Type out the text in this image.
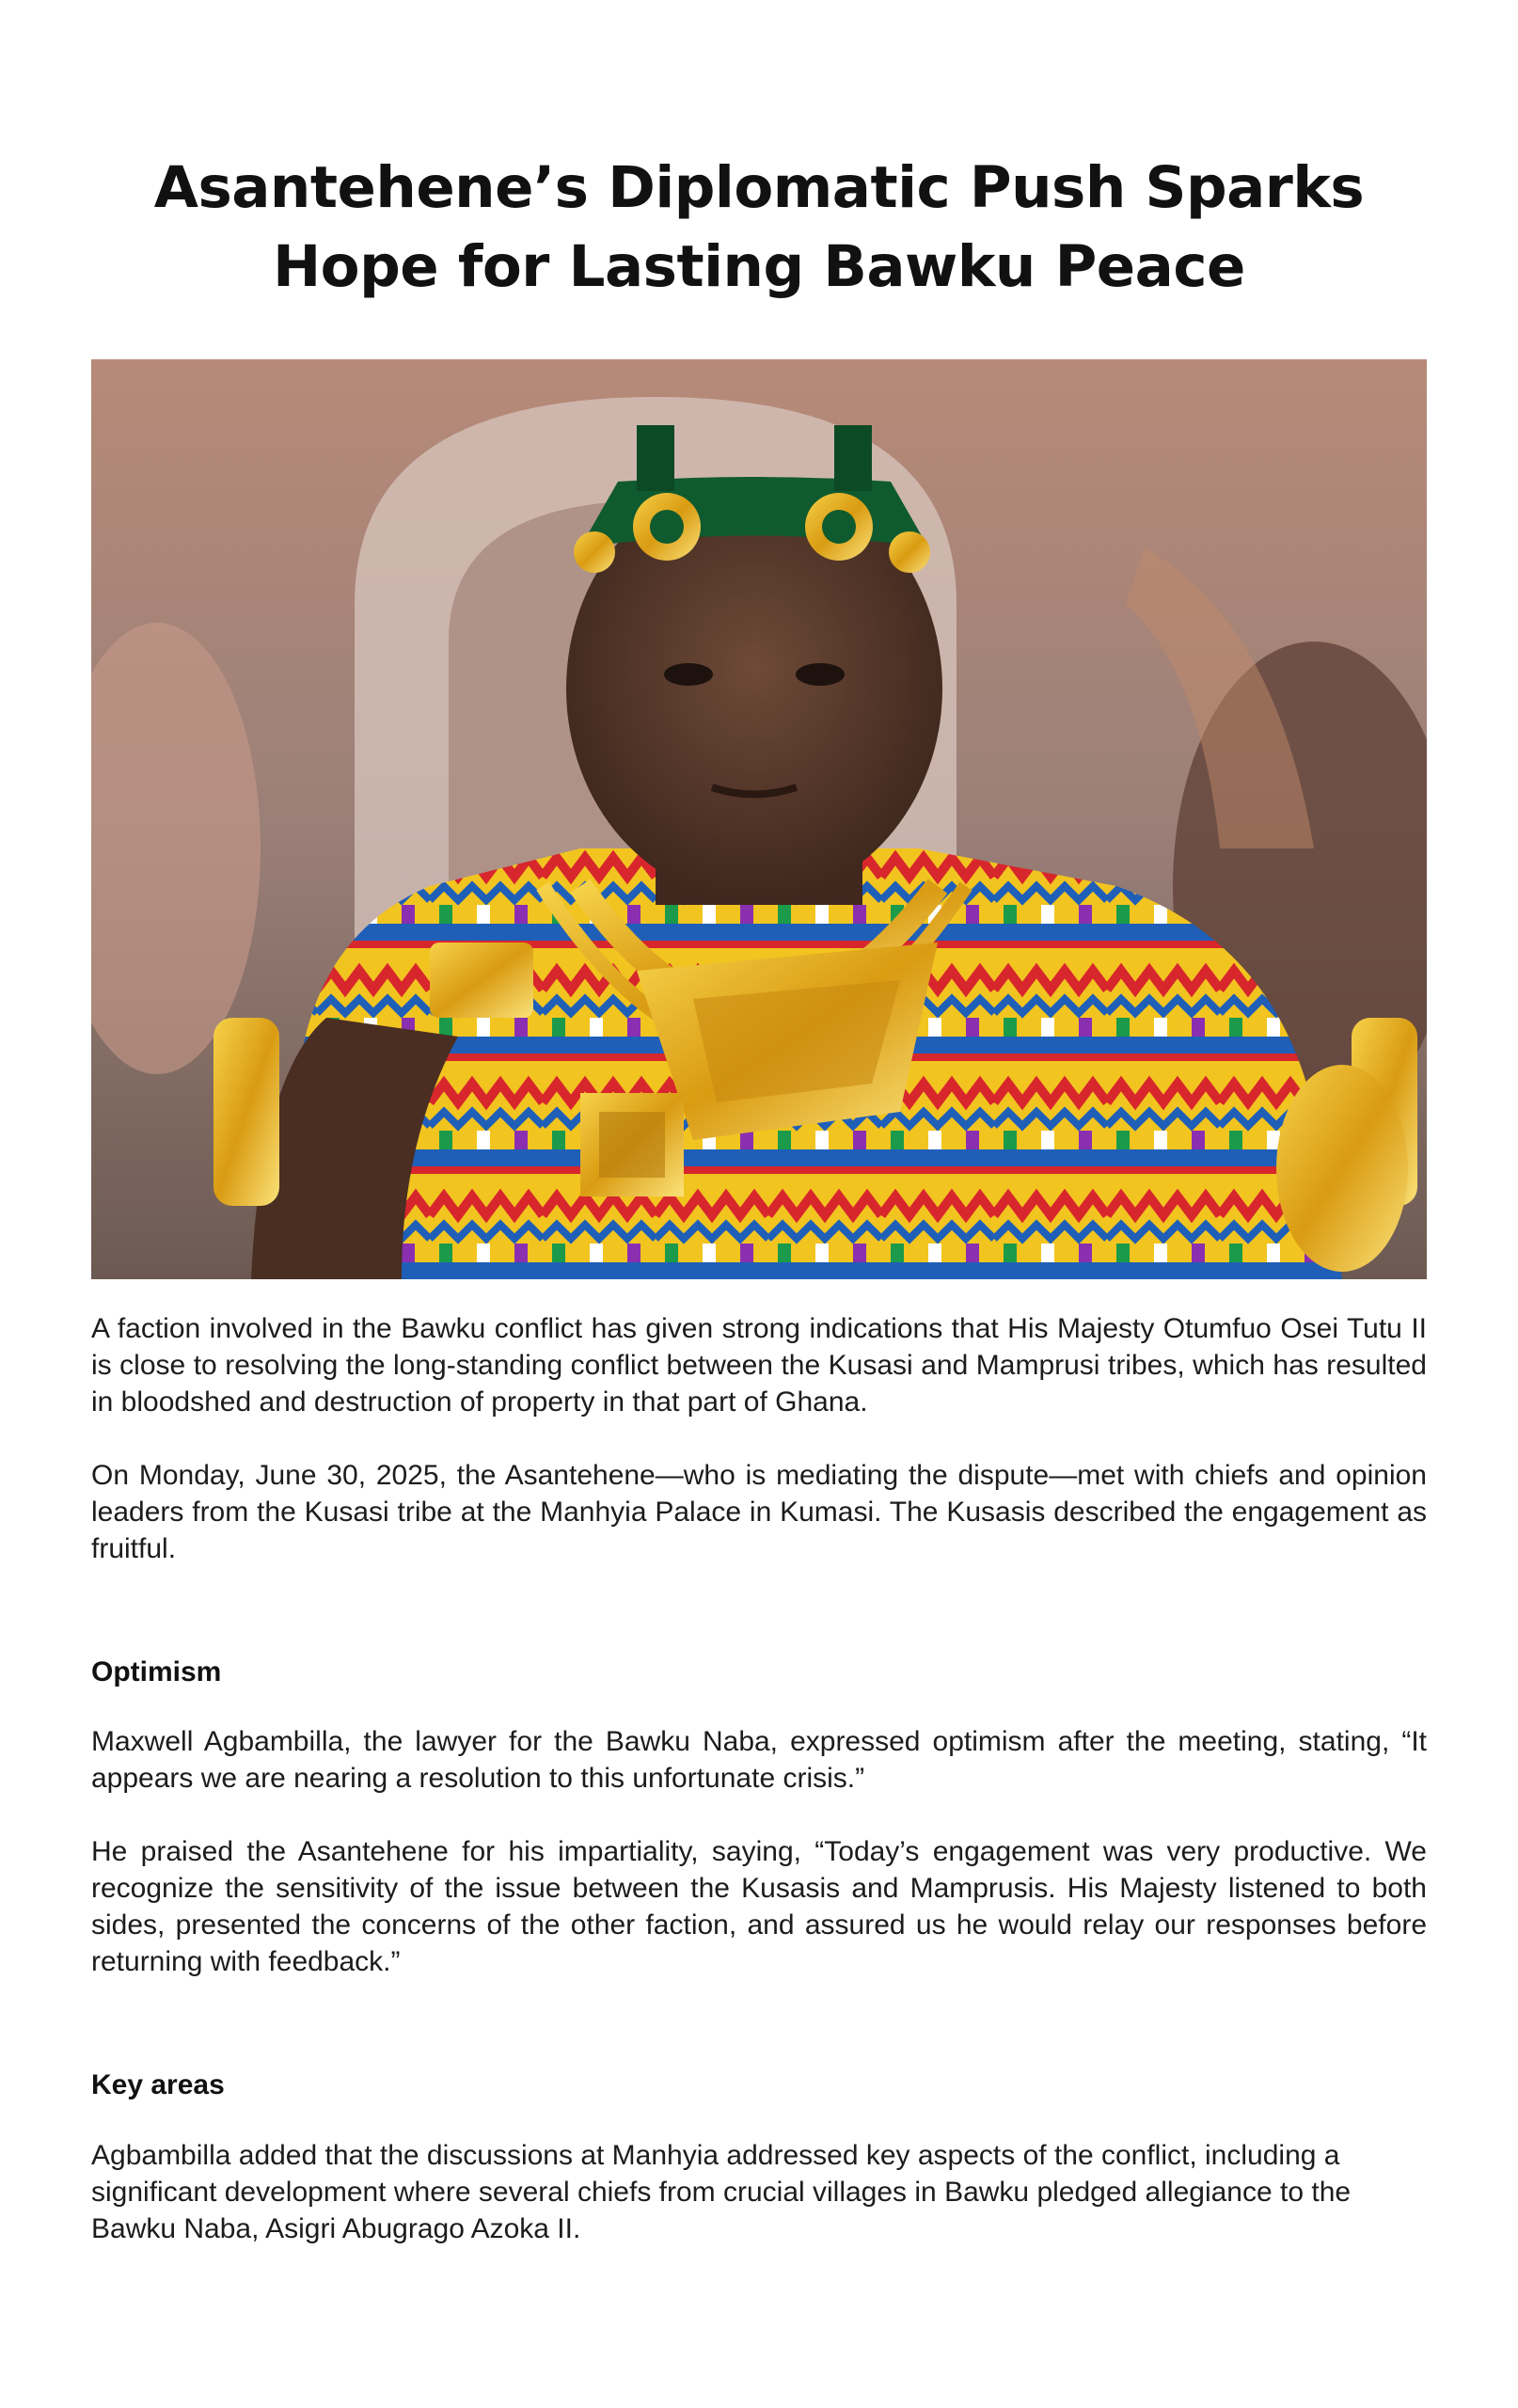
Asantehene’s Diplomatic Push Sparks Hope for Lasting Bawku Peace

A faction involved in the Bawku conflict has given strong indications that His Majesty Otumfuo Osei Tutu II is close to resolving the long-standing conflict between the Kusasi and Mamprusi tribes, which has resulted in bloodshed and destruction of property in that part of Ghana.

On Monday, June 30, 2025, the Asantehene—who is mediating the dispute—met with chiefs and opinion leaders from the Kusasi tribe at the Manhyia Palace in Kumasi. The Kusasis described the engagement as fruitful.

Optimism

Maxwell Agbambilla, the lawyer for the Bawku Naba, expressed optimism after the meeting, stating, “It appears we are nearing a resolution to this unfortunate crisis.”

He praised the Asantehene for his impartiality, saying, “Today’s engagement was very productive. We recognize the sensitivity of the issue between the Kusasis and Mamprusis. His Majesty listened to both sides, presented the concerns of the other faction, and assured us he would relay our responses before returning with feedback.”

Key areas

Agbambilla added that the discussions at Manhyia addressed key aspects of the conflict, including a significant development where several chiefs from crucial villages in Bawku pledged allegiance to the Bawku Naba, Asigri Abugrago Azoka II.
